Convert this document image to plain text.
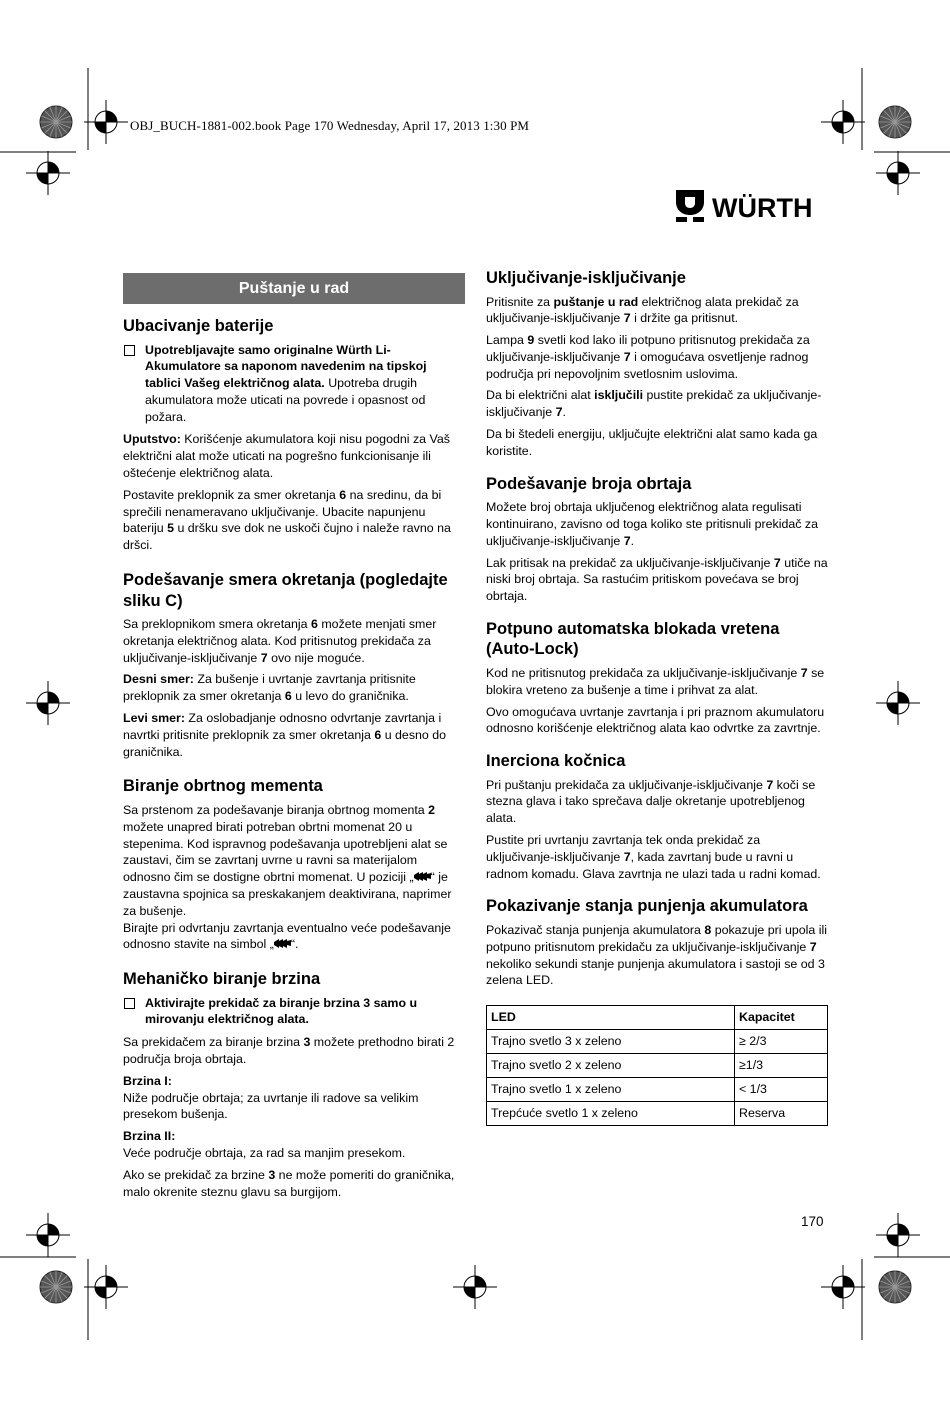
OBJ_BUCH-1881-002.book Page 170 Wednesday, April 17, 2013 1:30 PM
WÜRTH
Puštanje u rad
Ubacivanje baterije

Upotrebljavajte samo originalne Würth Li-Akumulatore sa naponom navedenim na tipskoj tablici Vašeg električnog alata. Upotreba drugih akumulatora može uticati na povrede i opasnost od požara.

Uputstvo: Korišćenje akumulatora koji nisu pogodni za Vaš električni alat može uticati na pogrešno funkcionisanje ili oštećenje električnog alata.

Postavite preklopnik za smer okretanja 6 na sredinu, da bi sprečili nenameravano uključivanje. Ubacite napunjenu bateriju 5 u dršku sve dok ne uskoči čujno i naleže ravno na dršci.

Podešavanje smera okretanja (pogledajte sliku C)

Sa preklopnikom smera okretanja 6 možete menjati smer okretanja električnog alata. Kod pritisnutog prekidača za uključivanje-isključivanje 7 ovo nije moguće.

Desni smer: Za bušenje i uvrtanje zavrtanja pritisnite preklopnik za smer okretanja 6 u levo do graničnika.

Levi smer: Za oslobadjanje odnosno odvrtanje zavrtanja i navrtki pritisnite preklopnik za smer okretanja 6 u desno do graničnika.

Biranje obrtnog mementa

Sa prstenom za podešavanje biranja obrtnog momenta 2 možete unapred birati potreban obrtni momenat 20 u stepenima. Kod ispravnog podešavanja upotrebljeni alat se zaustavi, čim se zavrtanj uvrne u ravni sa materijalom odnosno čim se dostigne obrtni momenat. U poziciji „ “ je zaustavna spojnica sa preskakanjem deaktivirana, naprimer za bušenje.

Birajte pri odvrtanju zavrtanja eventualno veće podešavanje odnosno stavite na simbol „ “.

Mehaničko biranje brzina

Aktivirajte prekidač za biranje brzina 3 samo u mirovanju električnog alata.

Sa prekidačem za biranje brzina 3 možete prethodno birati 2 područja broja obrtaja.

Brzina I:

Niže područje obrtaja; za uvrtanje ili radove sa velikim presekom bušenja.

Brzina II:

Veće područje obrtaja, za rad sa manjim presekom.

Ako se prekidač za brzine 3 ne može pomeriti do graničnika, malo okrenite steznu glavu sa burgijom.

Uključivanje-isključivanje

Pritisnite za puštanje u rad električnog alata prekidač za uključivanje-isključivanje 7 i držite ga pritisnut.

Lampa 9 svetli kod lako ili potpuno pritisnutog prekidača za uključivanje-isključivanje 7 i omogućava osvetljenje radnog područja pri nepovoljnim svetlosnim uslovima.

Da bi električni alat isključili pustite prekidač za uključivanje-isključivanje 7.

Da bi štedeli energiju, uključujte električni alat samo kada ga koristite.

Podešavanje broja obrtaja

Možete broj obrtaja uključenog električnog alata regulisati kontinuirano, zavisno od toga koliko ste pritisnuli prekidač za uključivanje-isključivanje 7.

Lak pritisak na prekidač za uključivanje-isključivanje 7 utiče na niski broj obrtaja. Sa rastućim pritiskom povećava se broj obrtaja.

Potpuno automatska blokada vretena (Auto-Lock)

Kod ne pritisnutog prekidača za uključivanje-isključivanje 7 se blokira vreteno za bušenje a time i prihvat za alat.

Ovo omogućava uvrtanje zavrtanja i pri praznom akumulatoru odnosno korišćenje električnog alata kao odvrtke za zavrtnje.

Inerciona kočnica

Pri puštanju prekidača za uključivanje-isključivanje 7 koči se stezna glava i tako sprečava dalje okretanje upotrebljenog alata.

Pustite pri uvrtanju zavrtanja tek onda prekidač za uključivanje-isključivanje 7, kada zavrtanj bude u ravni u radnom komadu. Glava zavrtnja ne ulazi tada u radni komad.

Pokazivanje stanja punjenja akumulatora

Pokazivač stanja punjenja akumulatora 8 pokazuje pri upola ili potpuno pritisnutom prekidaču za uključivanje-isključivanje 7 nekoliko sekundi stanje punjenja akumulatora i sastoji se od 3 zelena LED.

LED	Kapacitet
Trajno svetlo 3 x zeleno	≥ 2/3
Trajno svetlo 2 x zeleno	≥1/3
Trajno svetlo 1 x zeleno	< 1/3
Trepćuće svetlo 1 x zeleno	Reserva
170
